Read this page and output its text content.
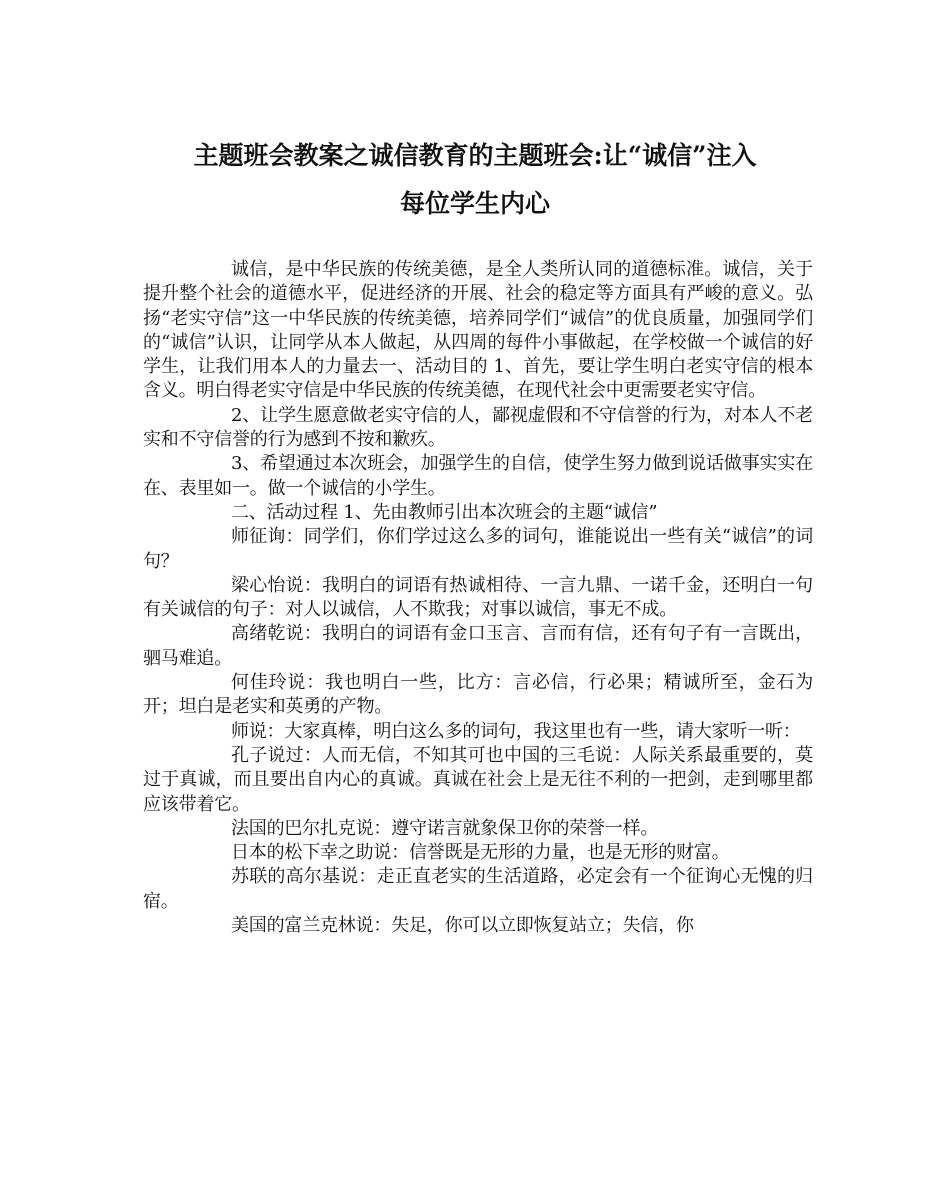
主题班会教案之诚信教育的主题班会:让“诚信”注入
每位学生内心

诚信，是中华民族的传统美德，是全人类所认同的道德标准。诚信，关于提升整个社会的道德水平，促进经济的开展、社会的稳定等方面具有严峻的意义。弘扬“老实守信”这一中华民族的传统美德，培养同学们“诚信”的优良质量，加强同学们的“诚信”认识，让同学从本人做起，从四周的每件小事做起，在学校做一个诚信的好学生，让我们用本人的力量去一、活动目的 1、首先，要让学生明白老实守信的根本含义。明白得老实守信是中华民族的传统美德，在现代社会中更需要老实守信。

2、让学生愿意做老实守信的人，鄙视虚假和不守信誉的行为，对本人不老实和不守信誉的行为感到不按和歉疚。

3、希望通过本次班会，加强学生的自信，使学生努力做到说话做事实实在在、表里如一。做一个诚信的小学生。

二、活动过程 1、先由教师引出本次班会的主题“诚信”

师征询：同学们，你们学过这么多的词句，谁能说出一些有关“诚信”的词句？

梁心怡说：我明白的词语有热诚相待、一言九鼎、一诺千金，还明白一句有关诚信的句子：对人以诚信，人不欺我；对事以诚信，事无不成。

高绪乾说：我明白的词语有金口玉言、言而有信，还有句子有一言既出，驷马难追。

何佳玲说：我也明白一些，比方：言必信，行必果；精诚所至，金石为开；坦白是老实和英勇的产物。

师说：大家真棒，明白这么多的词句，我这里也有一些，请大家听一听：

孔子说过：人而无信，不知其可也中国的三毛说：人际关系最重要的，莫过于真诚，而且要出自内心的真诚。真诚在社会上是无往不利的一把剑，走到哪里都应该带着它。

法国的巴尔扎克说：遵守诺言就象保卫你的荣誉一样。

日本的松下幸之助说：信誉既是无形的力量，也是无形的财富。

苏联的高尔基说：走正直老实的生活道路，必定会有一个征询心无愧的归宿。

美国的富兰克林说：失足，你可以立即恢复站立；失信，你
